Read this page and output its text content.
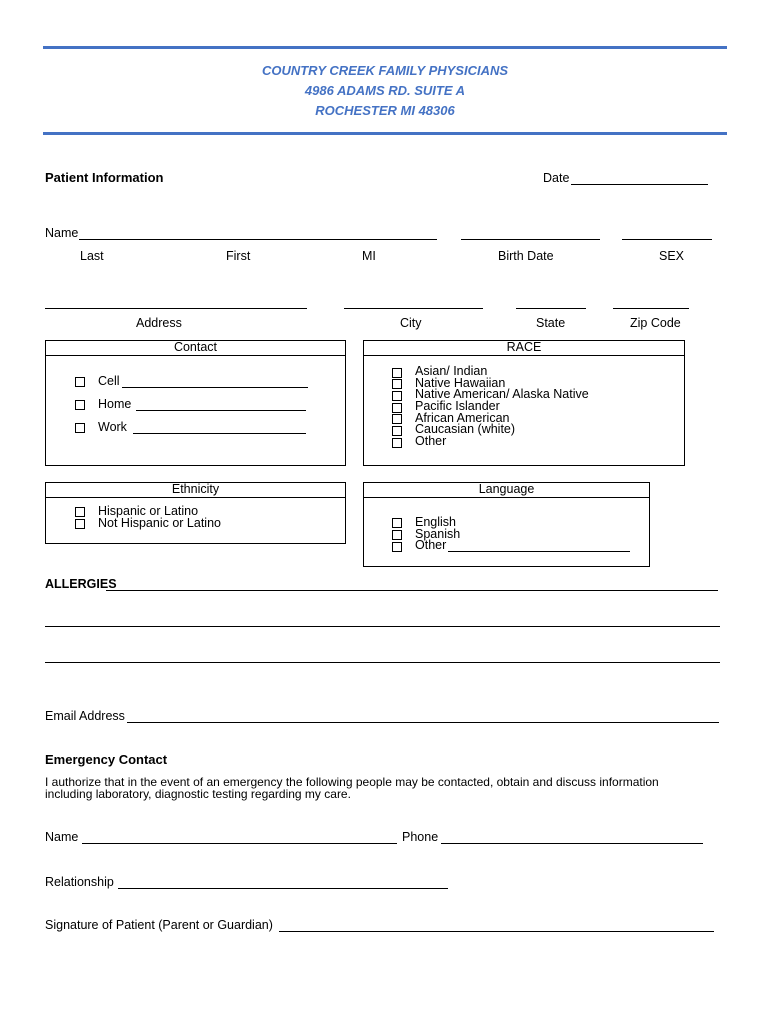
COUNTRY CREEK FAMILY PHYSICIANS
4986 ADAMS RD. SUITE A
ROCHESTER MI 48306
Patient Information	Date
Name
Last	First	MI	Birth Date	SEX
Address	City	State	Zip Code
Contact
Cell
Home
Work
RACE
Asian/ Indian
Native Hawaiian
Native American/ Alaska Native
Pacific Islander
African American
Caucasian (white)
Other
Ethnicity
Hispanic or Latino
Not Hispanic or Latino
Language
English
Spanish
Other
ALLERGIES
Email Address
Emergency Contact
I authorize that in the event of an emergency the following people may be contacted, obtain and discuss information
including laboratory, diagnostic testing regarding my care.
Name	Phone
Relationship
Signature of Patient (Parent or Guardian)
